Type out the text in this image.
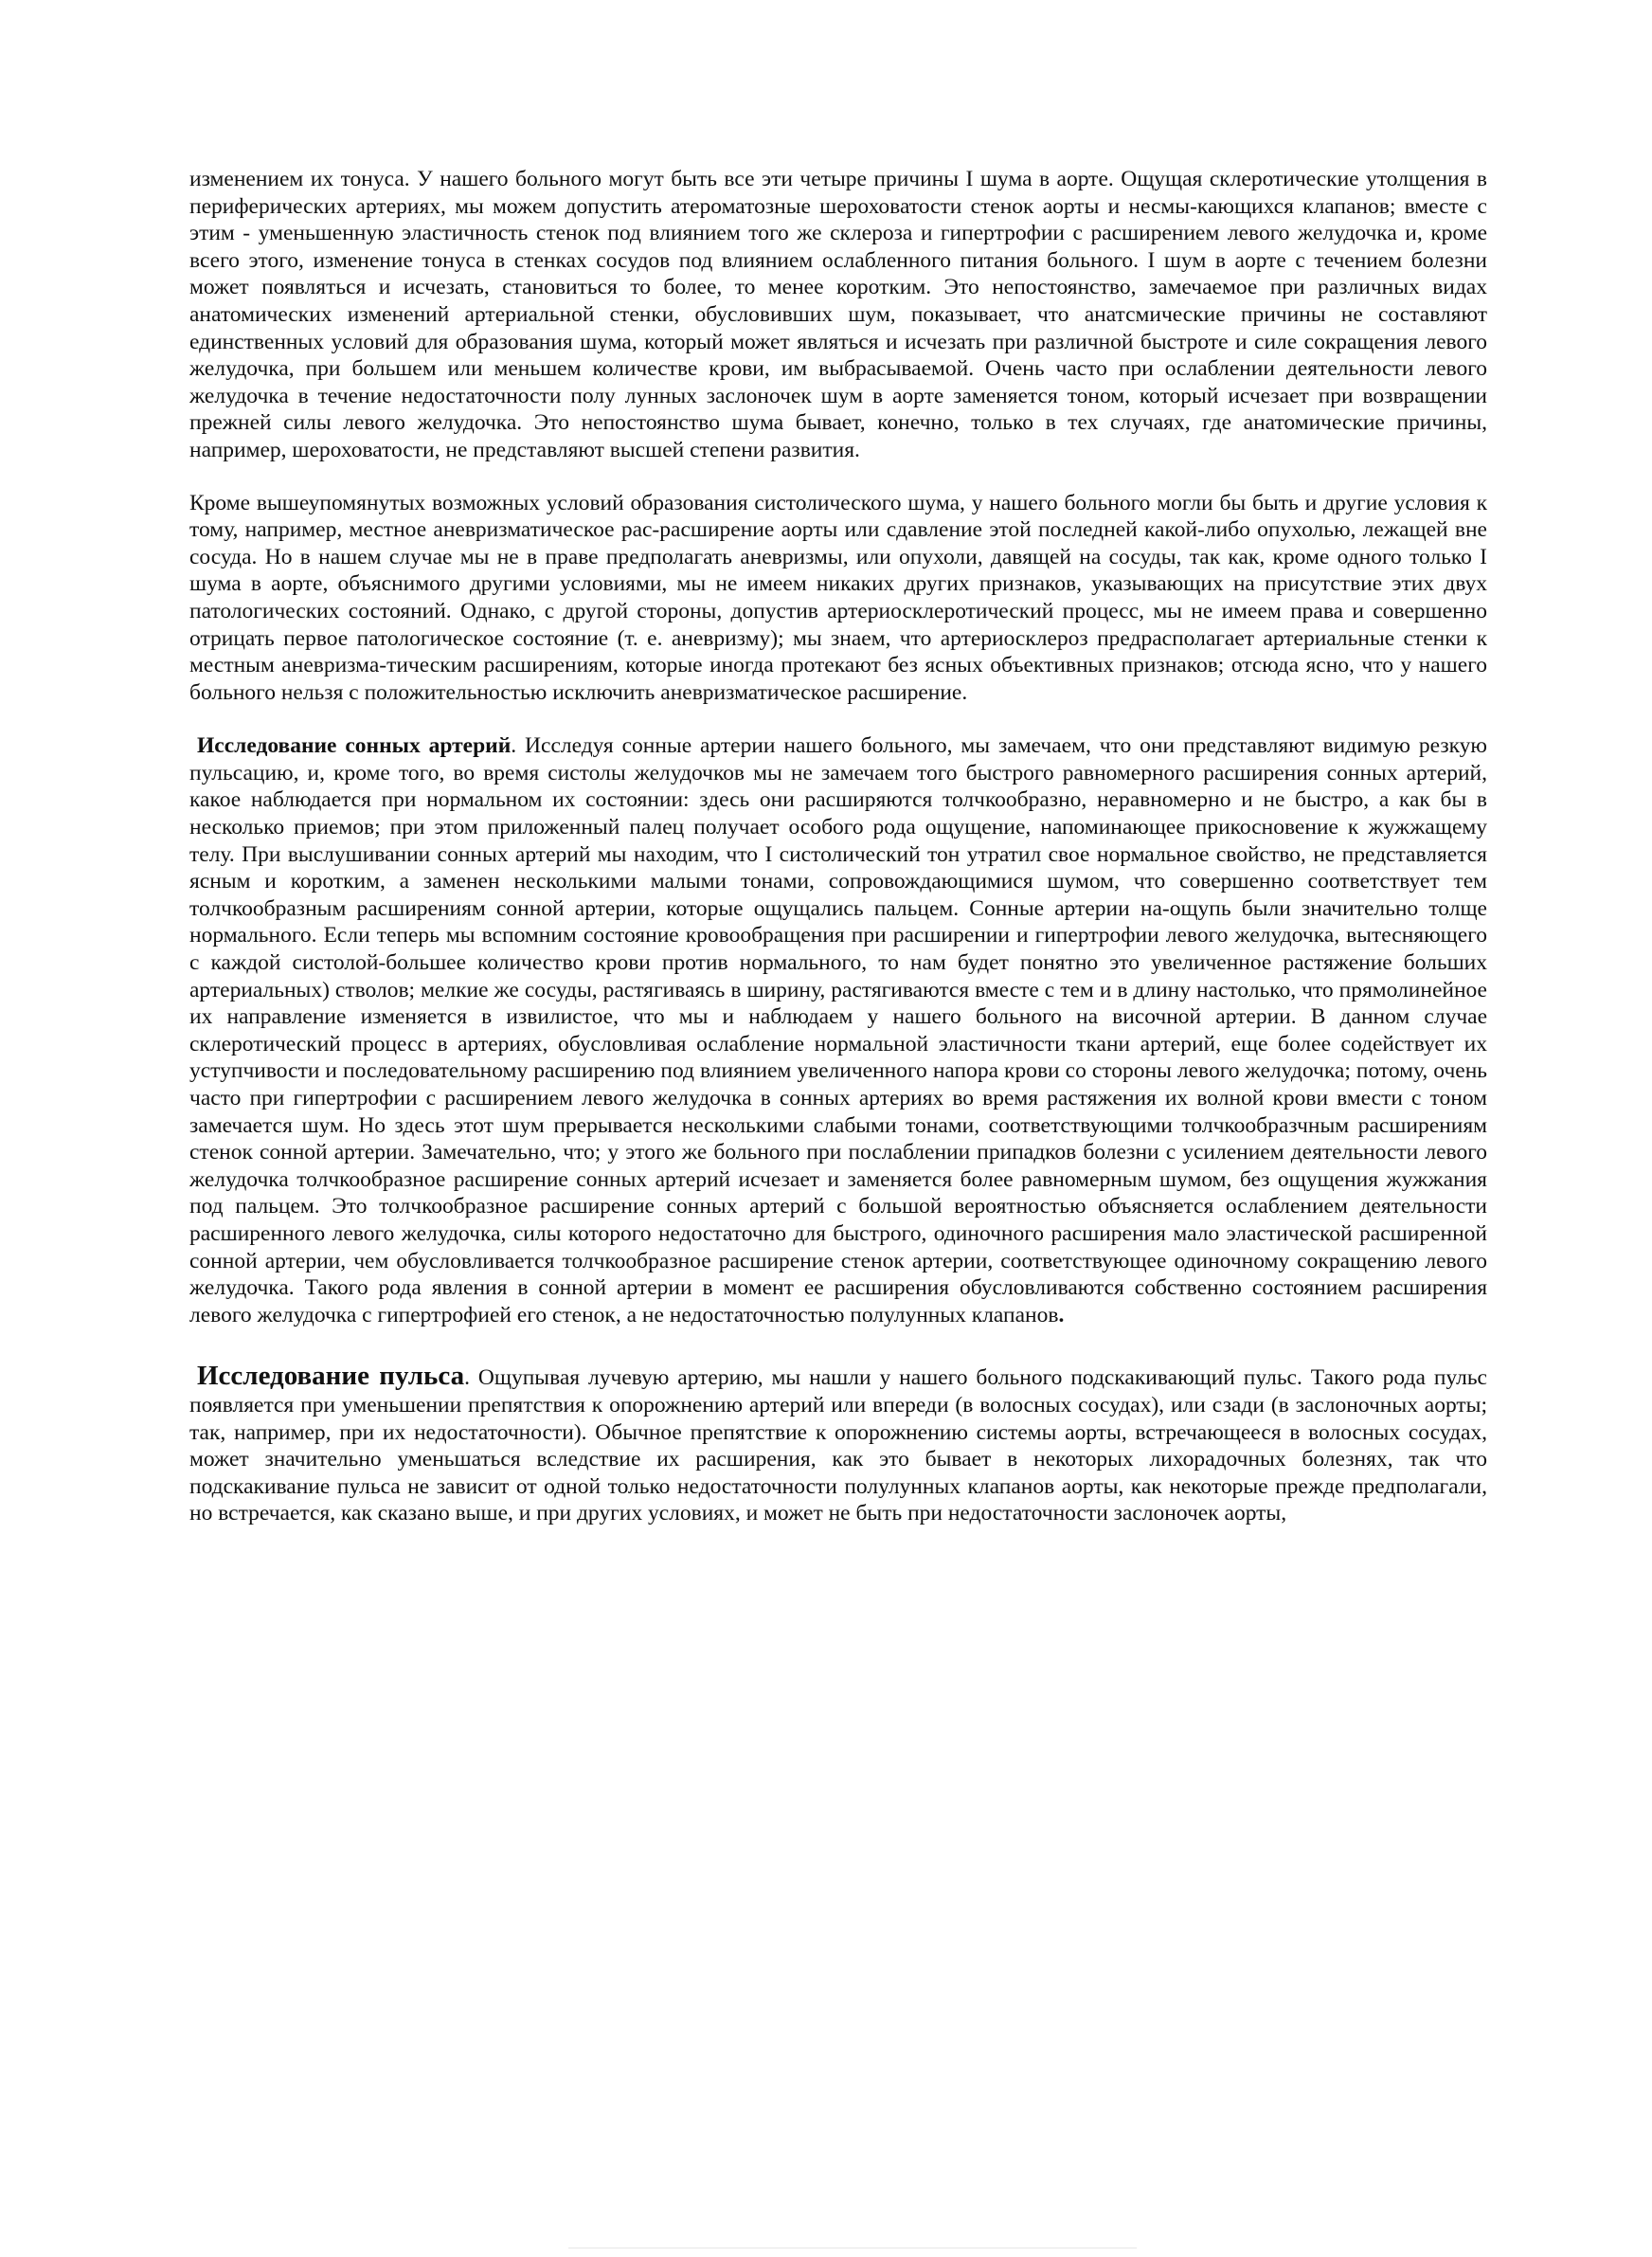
изменением их тонуса. У нашего больного могут быть все эти четыре причины I шума в аорте. Ощущая склеротические утолщения в периферических артериях, мы можем допустить атероматозные шероховатости стенок аорты и несмы-кающихся клапанов; вместе с этим - уменьшенную эластичность стенок под влиянием того же склероза и гипертрофии с расширением левого желудочка и, кроме всего этого, изменение тонуса в стенках сосудов под влиянием ослабленного питания больного. I шум в аорте с течением болезни может появляться и исчезать, становиться то более, то менее коротким. Это непостоянство, замечаемое при различных видах анатомических изменений артериальной стенки, обусловивших шум, показывает, что анатсмические причины не составляют единственных условий для образования шума, который может являться и исчезать при различной быстроте и силе сокращения левого желудочка, при большем или меньшем количестве крови, им выбрасываемой. Очень часто при ослаблении деятельности левого желудочка в течение недостаточности полу лунных заслоночек шум в аорте заменяется тоном, который исчезает при возвращении прежней силы левого желудочка. Это непостоянство шума бывает, конечно, только в тех случаях, где анатомические причины, например, шероховатости, не представляют высшей степени развития.

Кроме вышеупомянутых возможных условий образования систолического шума, у нашего больного могли бы быть и другие условия к тому, например, местное аневризматическое рас-расширение аорты или сдавление этой последней какой-либо опухолью, лежащей вне сосуда. Но в нашем случае мы не в праве предполагать аневризмы, или опухоли, давящей на сосуды, так как, кроме одного только I шума в аорте, объяснимого другими условиями, мы не имеем никаких других признаков, указывающих на присутствие этих двух патологических состояний. Однако, с другой стороны, допустив артериосклеротический процесс, мы не имеем права и совершенно отрицать первое патологическое состояние (т. е. аневризму); мы знаем, что артериосклероз предрасполагает артериальные стенки к местным аневризма-тическим расширениям, которые иногда протекают без ясных объективных признаков; отсюда ясно, что у нашего больного нельзя с положительностью исключить аневризматическое расширение.

Исследование сонных артерий. Исследуя сонные артерии нашего больного, мы замечаем, что они представляют видимую резкую пульсацию, и, кроме того, во время систолы желудочков мы не замечаем того быстрого равномерного расширения сонных артерий, какое наблюдается при нормальном их состоянии: здесь они расширяются толчкообразно, неравномерно и не быстро, а как бы в несколько приемов; при этом приложенный палец получает особого рода ощущение, напоминающее прикосновение к жужжащему телу. При выслушивании сонных артерий мы находим, что I систолический тон утратил свое нормальное свойство, не представляется ясным и коротким, а заменен несколькими малыми тонами, сопровождающимися шумом, что совершенно соответствует тем толчкообразным расширениям сонной артерии, которые ощущались пальцем. Сонные артерии на-ощупь были значительно толще нормального. Если теперь мы вспомним состояние кровообращения при расширении и гипертрофии левого желудочка, вытесняющего с каждой систолой-большее количество крови против нормального, то нам будет понятно это увеличенное растяжение больших артериальных) стволов; мелкие же сосуды, растягиваясь в ширину, растягиваются вместе с тем и в длину настолько, что прямолинейное их направление изменяется в извилистое, что мы и наблюдаем у нашего больного на височной артерии. В данном случае склеротический процесс в артериях, обусловливая ослабление нормальной эластичности ткани артерий, еще более содействует их уступчивости и последовательному расширению под влиянием увеличенного напора крови со стороны левого желудочка; потому, очень часто при гипертрофии с расширением левого желудочка в сонных артериях во время растяжения их волной крови вмести с тоном замечается шум. Но здесь этот шум прерывается несколькими слабыми тонами, соответствующими толчкообразчным расширениям стенок сонной артерии. Замечательно, что; у этого же больного при послаблении припадков болезни с усилением деятельности левого желудочка толчкообразное расширение сонных артерий исчезает и заменяется более равномерным шумом, без ощущения жужжания под пальцем. Это толчкообразное расширение сонных артерий с большой вероятностью объясняется ослаблением деятельности расширенного левого желудочка, силы которого недостаточно для быстрого, одиночного расширения мало эластической расширенной сонной артерии, чем обусловливается толчкообразное расширение стенок артерии, соответствующее одиночному сокращению левого желудочка. Такого рода явления в сонной артерии в момент ее расширения обусловливаются собственно состоянием расширения левого желудочка с гипертрофией его стенок, а не недостаточностью полулунных клапанов.

Исследование пульса. Ощупывая лучевую артерию, мы нашли у нашего больного подскакивающий пульс. Такого рода пульс появляется при уменьшении препятствия к опорожнению артерий или впереди (в волосных сосудах), или сзади (в заслоночных аорты; так, например, при их недостаточности). Обычное препятствие к опорожнению системы аорты, встречающееся в волосных сосудах, может значительно уменьшаться вследствие их расширения, как это бывает в некоторых лихорадочных болезнях, так что подскакивание пульса не зависит от одной только недостаточности полулунных клапанов аорты, как некоторые прежде предполагали, но встречается, как сказано выше, и при других условиях, и может не быть при недостаточности заслоночек аорты,
